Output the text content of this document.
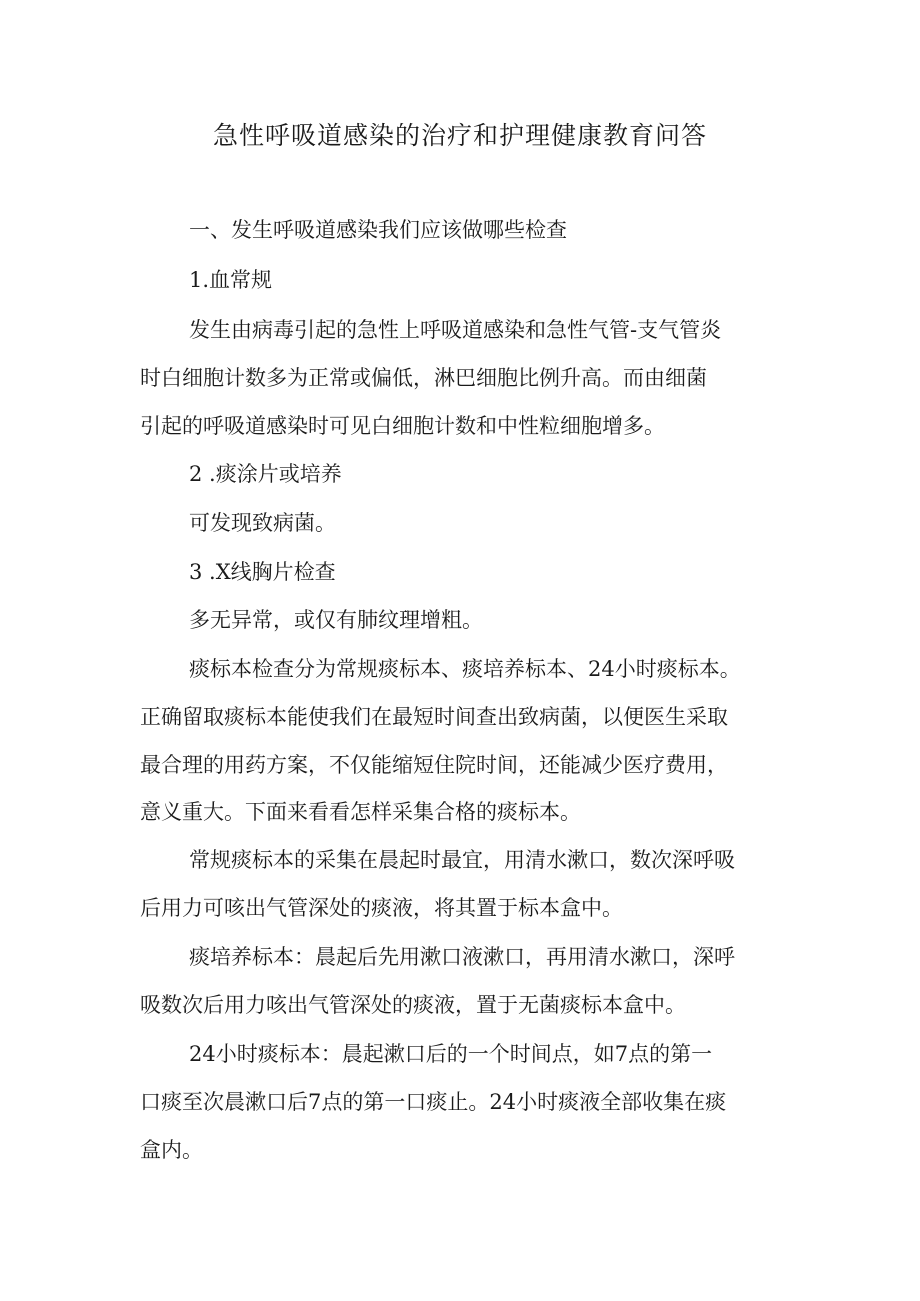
急性呼吸道感染的治疗和护理健康教育问答

一、发生呼吸道感染我们应该做哪些检查

1.血常规

发生由病毒引起的急性上呼吸道感染和急性气管-支气管炎

时白细胞计数多为正常或偏低，淋巴细胞比例升高。而由细菌

引起的呼吸道感染时可见白细胞计数和中性粒细胞增多。

2 .痰涂片或培养

可发现致病菌。

3 .X线胸片检查

多无异常，或仅有肺纹理增粗。

痰标本检查分为常规痰标本、痰培养标本、24小时痰标本。

正确留取痰标本能使我们在最短时间查出致病菌，以便医生采取

最合理的用药方案，不仅能缩短住院时间，还能减少医疗费用，

意义重大。下面来看看怎样采集合格的痰标本。

常规痰标本的采集在晨起时最宜，用清水漱口，数次深呼吸

后用力可咳出气管深处的痰液，将其置于标本盒中。

痰培养标本：晨起后先用漱口液漱口，再用清水漱口，深呼

吸数次后用力咳出气管深处的痰液，置于无菌痰标本盒中。

24小时痰标本：晨起漱口后的一个时间点，如7点的第一

口痰至次晨漱口后7点的第一口痰止。24小时痰液全部收集在痰

盒内。
